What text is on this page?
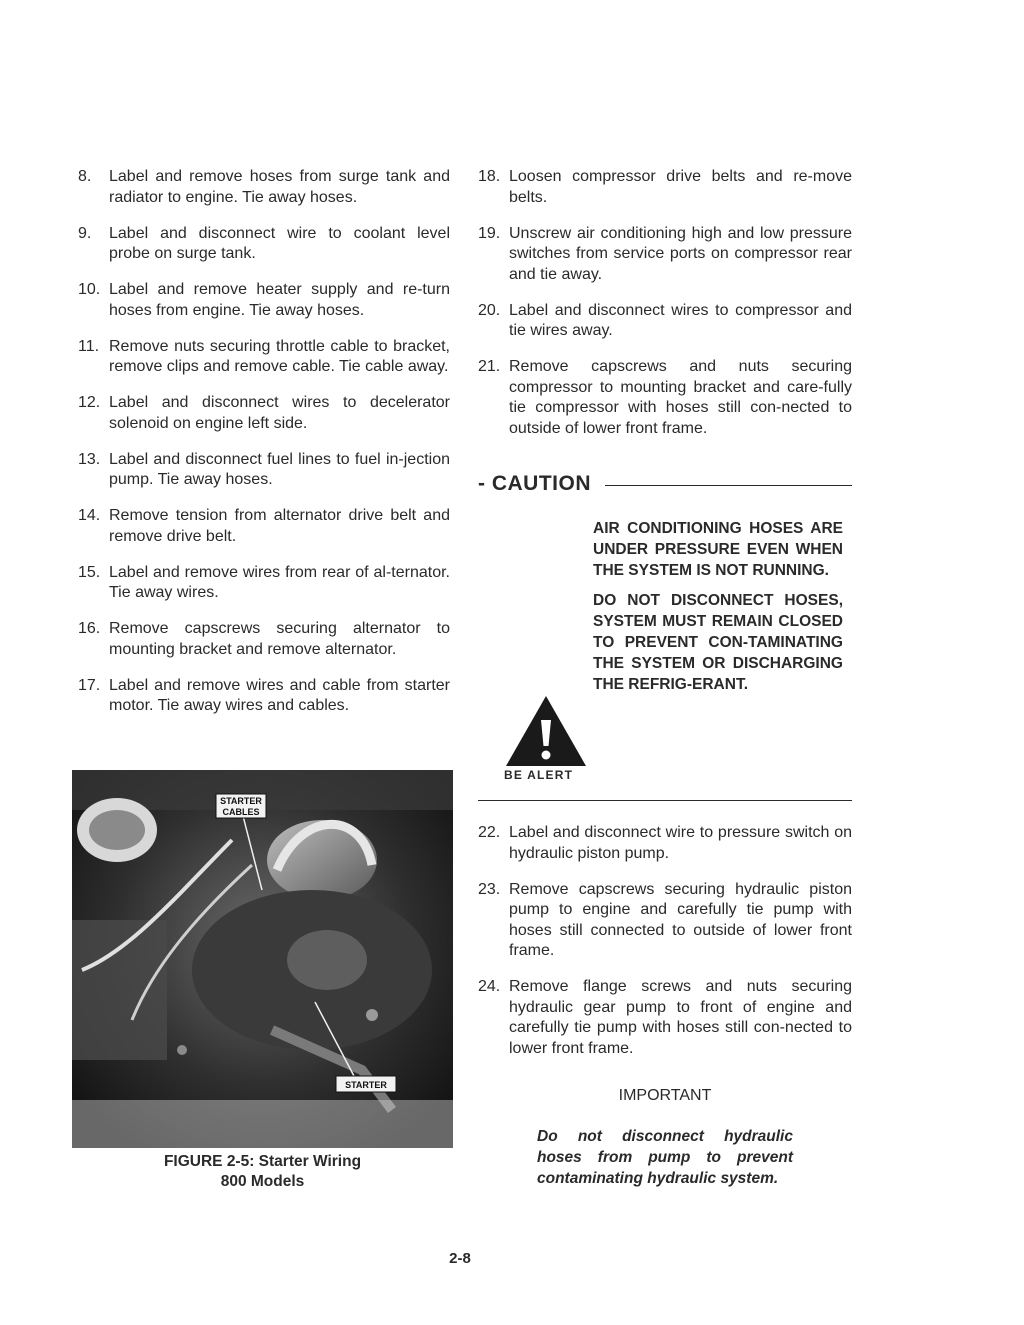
8.	Label and remove hoses from surge tank and radiator to engine. Tie away hoses.
9.	Label and disconnect wire to coolant level probe on surge tank.
10. Label and remove heater supply and re-turn hoses from engine. Tie away hoses.
11. Remove nuts securing throttle cable to bracket, remove clips and remove cable. Tie cable away.
12. Label and disconnect wires to decelerator solenoid on engine left side.
13. Label and disconnect fuel lines to fuel in-jection pump. Tie away hoses.
14. Remove tension from alternator drive belt and remove drive belt.
15. Label and remove wires from rear of al-ternator. Tie away wires.
16. Remove capscrews securing alternator to mounting bracket and remove alternator.
17. Label and remove wires and cable from starter motor. Tie away wires and cables.
18. Loosen compressor drive belts and re-move belts.
19. Unscrew air conditioning high and low pressure switches from service ports on compressor rear and tie away.
20. Label and disconnect wires to compressor and tie wires away.
21. Remove capscrews and nuts securing compressor to mounting bracket and care-fully tie compressor with hoses still con-nected to outside of lower front frame.
- CAUTION

AIR CONDITIONING HOSES ARE UNDER PRESSURE EVEN WHEN THE SYSTEM IS NOT RUNNING.

DO NOT DISCONNECT HOSES, SYSTEM MUST REMAIN CLOSED TO PREVENT CON-TAMINATING THE SYSTEM OR DISCHARGING THE REFRIG-ERANT.

BE ALERT
22. Label and disconnect wire to pressure switch on hydraulic piston pump.
23. Remove capscrews securing hydraulic piston pump to engine and carefully tie pump with hoses still connected to outside of lower front frame.
24. Remove flange screws and nuts securing hydraulic gear pump to front of engine and carefully tie pump with hoses still con-nected to lower front frame.
IMPORTANT
Do not disconnect hydraulic hoses from pump to prevent contaminating hydraulic system.
STARTER
CABLES
STARTER
FIGURE 2-5: Starter Wiring
800 Models
2-8
